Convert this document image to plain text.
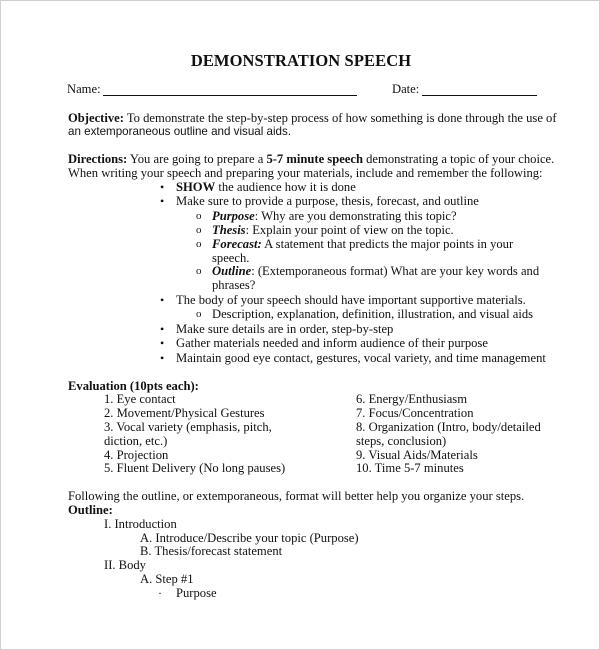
DEMONSTRATION SPEECH
Name:	Date:
Objective: To demonstrate the step-by-step process of how something is done through the use of
an extemporaneous outline and visual aids.
Directions: You are going to prepare a 5-7 minute speech demonstrating a topic of your choice.
When writing your speech and preparing your materials, include and remember the following:
• SHOW the audience how it is done
• Make sure to provide a purpose, thesis, forecast, and outline
o Purpose: Why are you demonstrating this topic?
o Thesis: Explain your point of view on the topic.
o Forecast: A statement that predicts the major points in your
speech.
o Outline: (Extemporaneous format) What are your key words and
phrases?
• The body of your speech should have important supportive materials.
o Description, explanation, definition, illustration, and visual aids
• Make sure details are in order, step-by-step
• Gather materials needed and inform audience of their purpose
• Maintain good eye contact, gestures, vocal variety, and time management
Evaluation (10pts each):
1. Eye contact
2. Movement/Physical Gestures
3. Vocal variety (emphasis, pitch,
diction, etc.)
4. Projection
5. Fluent Delivery (No long pauses)
6. Energy/Enthusiasm
7. Focus/Concentration
8. Organization (Intro, body/detailed
steps, conclusion)
9. Visual Aids/Materials
10. Time 5-7 minutes
Following the outline, or extemporaneous, format will better help you organize your steps.
Outline:
I. Introduction
A. Introduce/Describe your topic (Purpose)
B. Thesis/forecast statement
II. Body
A. Step #1
· Purpose
